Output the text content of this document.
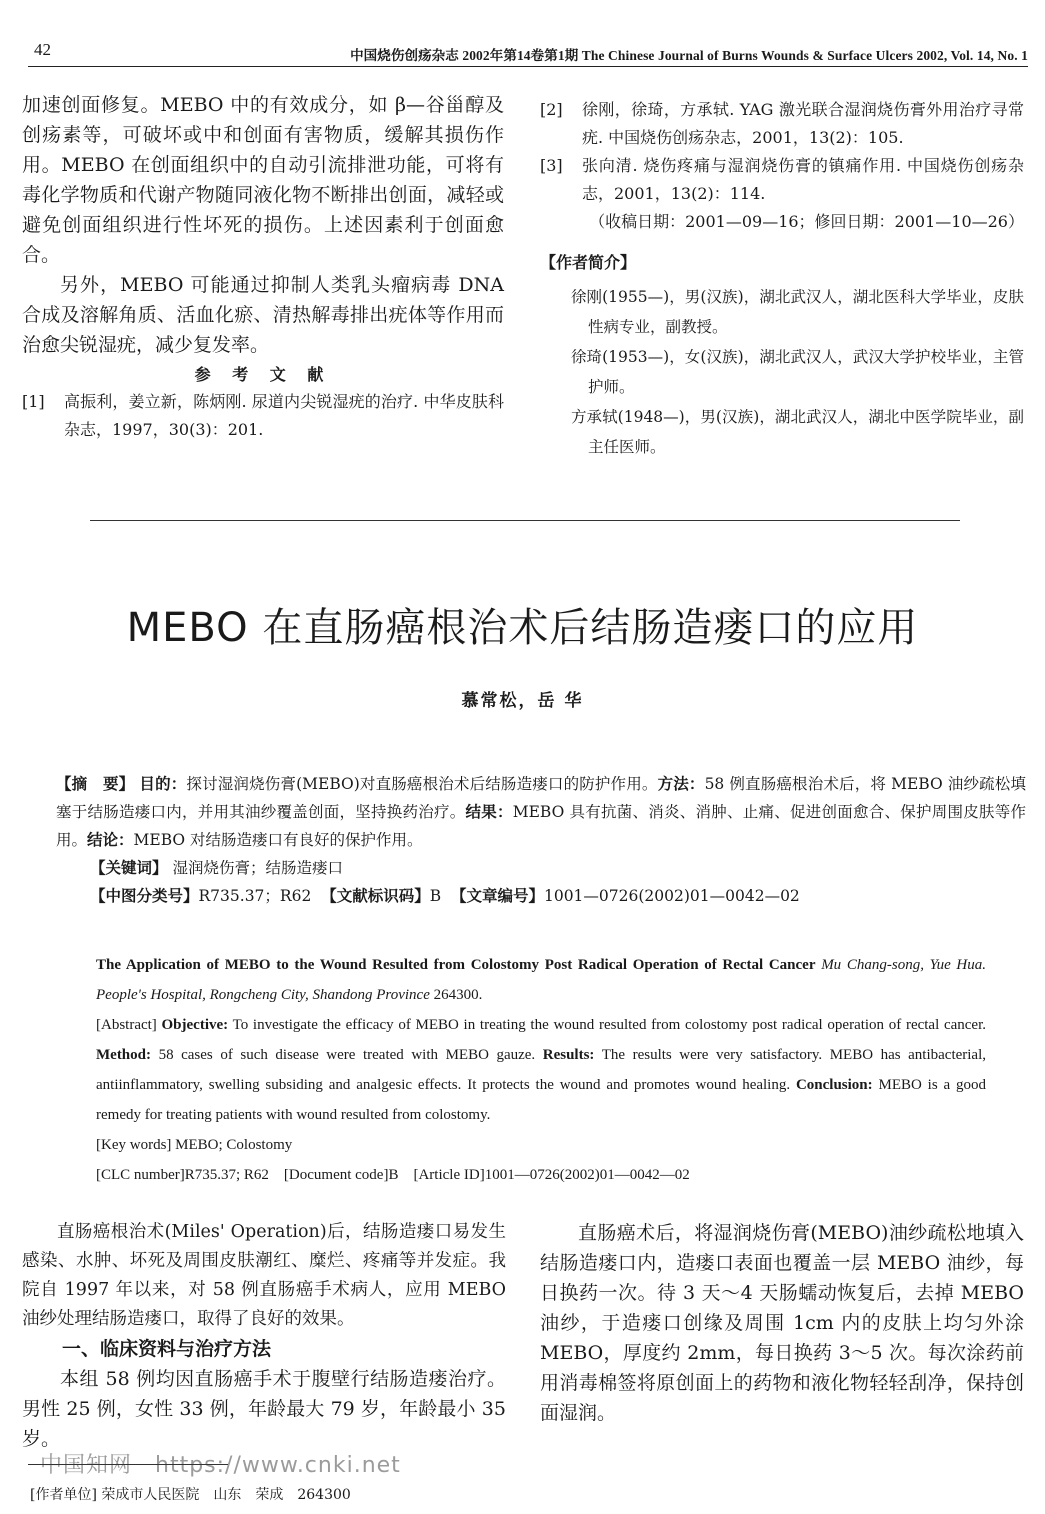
42	中国烧伤创疡杂志 2002年第14卷第1期 The Chinese Journal of Burns Wounds & Surface Ulcers 2002, Vol. 14, No. 1

加速创面修复。MEBO 中的有效成分，如 β—谷甾醇及创疡素等，可破坏或中和创面有害物质，缓解其损伤作用。MEBO 在创面组织中的自动引流排泄功能，可将有毒化学物质和代谢产物随同液化物不断排出创面，减轻或避免创面组织进行性坏死的损伤。上述因素利于创面愈合。

另外，MEBO 可能通过抑制人类乳头瘤病毒 DNA 合成及溶解角质、活血化瘀、清热解毒排出疣体等作用而治愈尖锐湿疣，减少复发率。

参 考 文 献
[1] 高振利，姜立新，陈炳刚. 尿道内尖锐湿疣的治疗. 中华皮肤科杂志，1997，30(3)：201.
[2] 徐刚，徐琦，方承轼. YAG 激光联合湿润烧伤膏外用治疗寻常疣. 中国烧伤创疡杂志，2001，13(2)：105.
[3] 张向清. 烧伤疼痛与湿润烧伤膏的镇痛作用. 中国烧伤创疡杂志，2001，13(2)：114.
（收稿日期：2001—09—16；修回日期：2001—10—26）
【作者简介】
徐刚(1955—)，男(汉族)，湖北武汉人，湖北医科大学毕业，皮肤性病专业，副教授。
徐琦(1953—)，女(汉族)，湖北武汉人，武汉大学护校毕业，主管护师。
方承轼(1948—)，男(汉族)，湖北武汉人，湖北中医学院毕业，副主任医师。
MEBO 在直肠癌根治术后结肠造瘘口的应用
慕常松，岳 华

【摘　要】 目的：探讨湿润烧伤膏(MEBO)对直肠癌根治术后结肠造瘘口的防护作用。方法：58 例直肠癌根治术后，将 MEBO 油纱疏松填塞于结肠造瘘口内，并用其油纱覆盖创面，坚持换药治疗。结果：MEBO 具有抗菌、消炎、消肿、止痛、促进创面愈合、保护周围皮肤等作用。结论：MEBO 对结肠造瘘口有良好的保护作用。

【关键词】 湿润烧伤膏；结肠造瘘口

【中图分类号】R735.37；R62 【文献标识码】B 【文章编号】1001—0726(2002)01—0042—02

The Application of MEBO to the Wound Resulted from Colostomy Post Radical Operation of Rectal Cancer Mu Chang-song, Yue Hua. People's Hospital, Rongcheng City, Shandong Province 264300.

[Abstract] Objective: To investigate the efficacy of MEBO in treating the wound resulted from colostomy post radical operation of rectal cancer. Method: 58 cases of such disease were treated with MEBO gauze. Results: The results were very satisfactory. MEBO has antibacterial, antiinflammatory, swelling subsiding and analgesic effects. It protects the wound and promotes wound healing. Conclusion: MEBO is a good remedy for treating patients with wound resulted from colostomy.

[Key words] MEBO; Colostomy

[CLC number]R735.37; R62 [Document code]B [Article ID]1001—0726(2002)01—0042—02

直肠癌根治术(Miles' Operation)后，结肠造瘘口易发生感染、水肿、坏死及周围皮肤潮红、糜烂、疼痛等并发症。我院自 1997 年以来，对 58 例直肠癌手术病人，应用 MEBO 油纱处理结肠造瘘口，取得了良好的效果。

一、临床资料与治疗方法

本组 58 例均因直肠癌手术于腹壁行结肠造瘘治疗。男性 25 例，女性 33 例，年龄最大 79 岁，年龄最小 35 岁。

直肠癌术后，将湿润烧伤膏(MEBO)油纱疏松地填入结肠造瘘口内，造瘘口表面也覆盖一层 MEBO 油纱，每日换药一次。待 3 天～4 天肠蠕动恢复后，去掉 MEBO 油纱，于造瘘口创缘及周围 1cm 内的皮肤上均匀外涂 MEBO，厚度约 2mm，每日换药 3～5 次。每次涂药前用消毒棉签将原创面上的药物和液化物轻轻刮净，保持创面湿润。

中国知网　https://www.cnki.net
[作者单位] 荣成市人民医院　山东　荣成　264300
